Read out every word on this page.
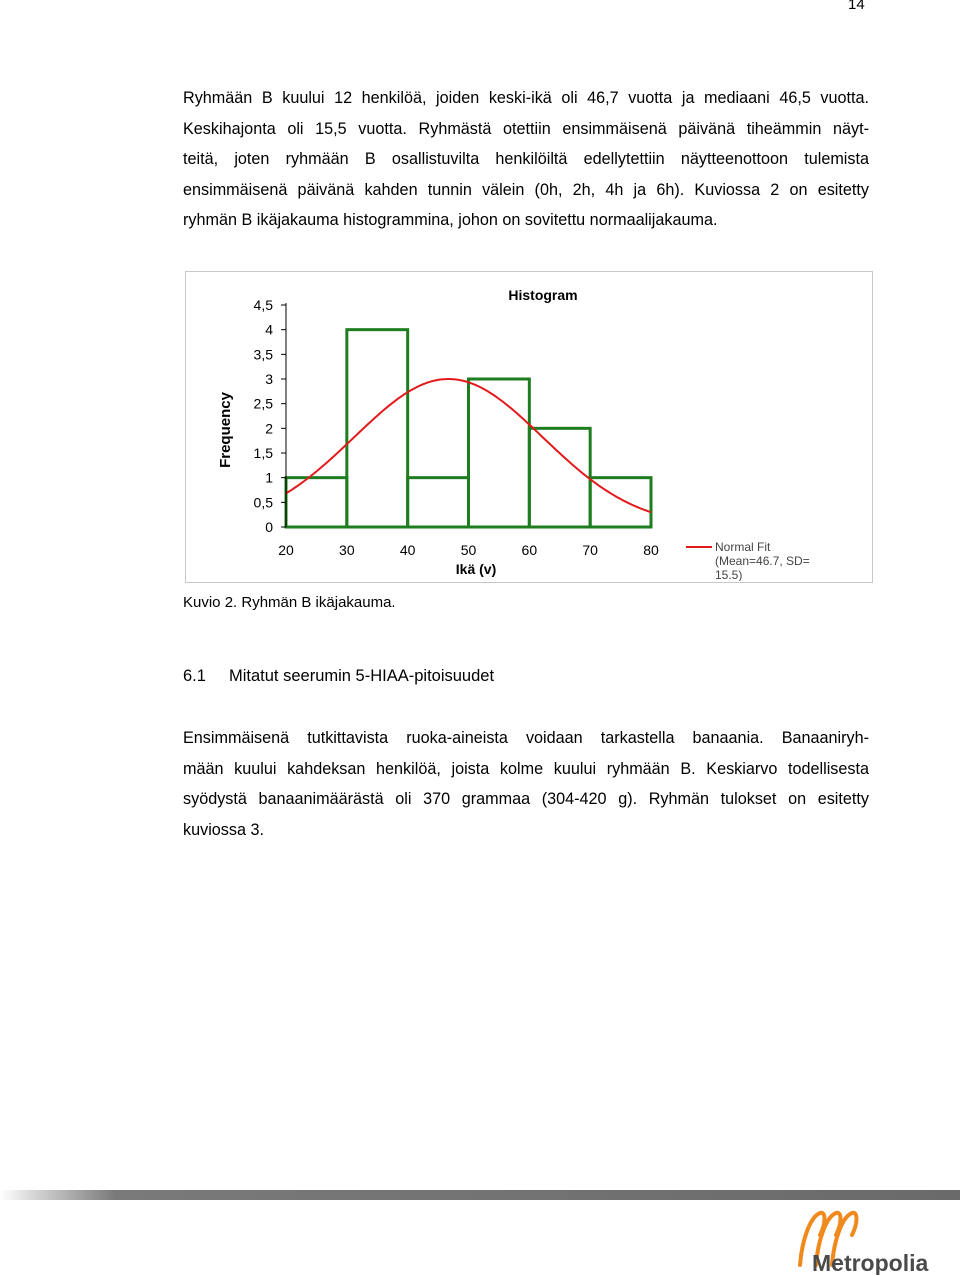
14
Ryhmään B kuului 12 henkilöä, joiden keski-ikä oli 46,7 vuotta ja mediaani 46,5 vuotta.
Keskihajonta oli 15,5 vuotta. Ryhmästä otettiin ensimmäisenä päivänä tiheämmin näyt-
teitä, joten ryhmään B osallistuvilta henkilöiltä edellytettiin näytteenottoon tulemista
ensimmäisenä päivänä kahden tunnin välein (0h, 2h, 4h ja 6h). Kuviossa 2 on esitetty
ryhmän B ikäjakauma histogrammina, johon on sovitettu normaalijakauma.
0
0,5
1
1,5
2
2,5
3
3,5
4
4,5
20	30	40	50	60	70	80
Histogram
Ikä (v)
Frequency
Normal Fit
(Mean=46.7, SD=
15.5)
Kuvio 2. Ryhmän B ikäjakauma.
6.1 Mitatut seerumin 5-HIAA-pitoisuudet
Ensimmäisenä tutkittavista ruoka-aineista voidaan tarkastella banaania. Banaaniryh-
mään kuului kahdeksan henkilöä, joista kolme kuului ryhmään B. Keskiarvo todellisesta
syödystä banaanimäärästä oli 370 grammaa (304-420 g). Ryhmän tulokset on esitetty
kuviossa 3.
Metropolia
